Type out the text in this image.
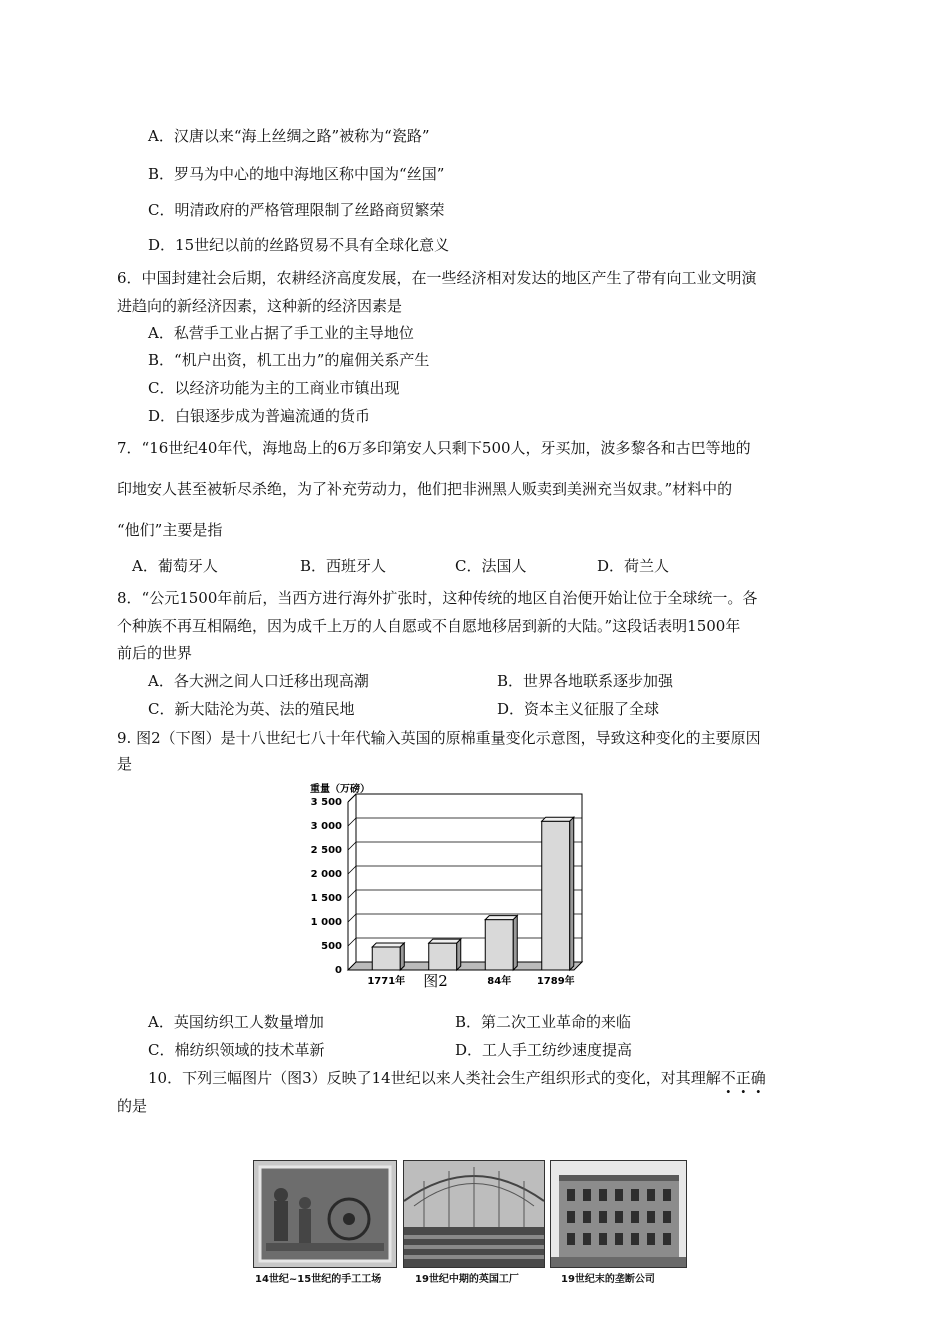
A．汉唐以来“海上丝绸之路”被称为“瓷路”
B．罗马为中心的地中海地区称中国为“丝国”
C．明清政府的严格管理限制了丝路商贸繁荣
D．15世纪以前的丝路贸易不具有全球化意义
6．中国封建社会后期，农耕经济高度发展，在一些经济相对发达的地区产生了带有向工业文明演
进趋向的新经济因素，这种新的经济因素是
A．私营手工业占据了手工业的主导地位
B．“机户出资，机工出力”的雇佣关系产生
C．以经济功能为主的工商业市镇出现
D．白银逐步成为普遍流通的货币
7．“16世纪40年代，海地岛上的6万多印第安人只剩下500人，牙买加，波多黎各和古巴等地的
印地安人甚至被斩尽杀绝，为了补充劳动力，他们把非洲黑人贩卖到美洲充当奴隶。”材料中的
“他们”主要是指
A．葡萄牙人	B．西班牙人	C．法国人	D．荷兰人
8．“公元1500年前后，当西方进行海外扩张时，这种传统的地区自治便开始让位于全球统一。各
个种族不再互相隔绝，因为成千上万的人自愿或不自愿地移居到新的大陆。”这段话表明1500年
前后的世界
A．各大洲之间人口迁移出现高潮	B．世界各地联系逐步加强
C．新大陆沦为英、法的殖民地	D．资本主义征服了全球
9. 图2（下图）是十八世纪七八十年代输入英国的原棉重量变化示意图，导致这种变化的主要原因
是
0
500
1 000
1 500
2 000
2 500
3 000
3 500
重量（万磅）
1771年	84年	1789年
图2
A．英国纺织工人数量增加	B．第二次工业革命的来临
C．棉纺织领域的技术革新	D．工人手工纺纱速度提高
10．下列三幅图片（图3）反映了14世纪以来人类社会生产组织形式的变化，对其理解不正确
的是
14世纪~15世纪的手工工场	19世纪中期的英国工厂	19世纪末的垄断公司
